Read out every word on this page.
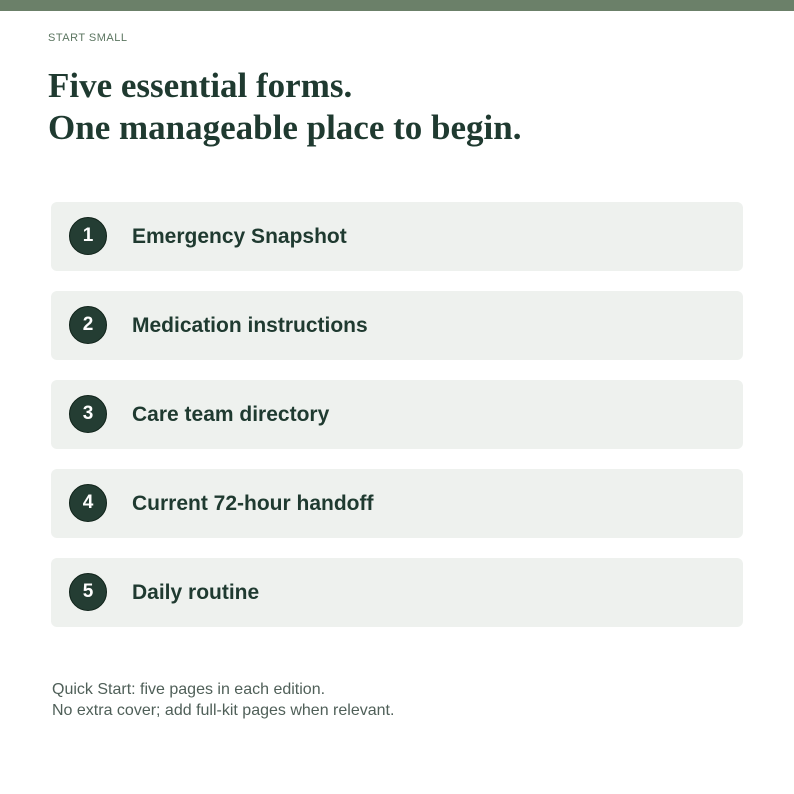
START SMALL
Five essential forms.
One manageable place to begin.
1	Emergency Snapshot
2	Medication instructions
3	Care team directory
4	Current 72-hour handoff
5	Daily routine
Quick Start: five pages in each edition.
No extra cover; add full-kit pages when relevant.
